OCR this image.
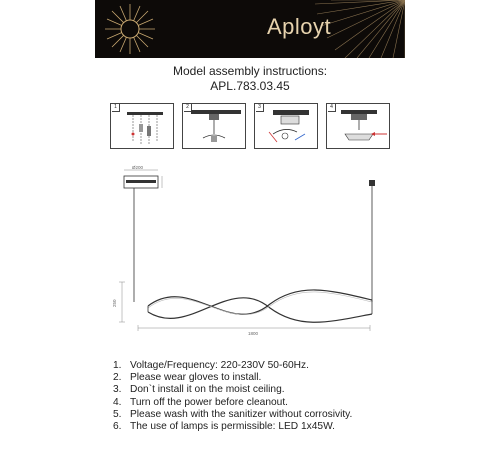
Aployt
Model assembly instructions:
APL.783.03.45
1	2	3	4
Ø200
250
1800
1. Voltage/Frequency: 220-230V 50-60Hz.
2. Please wear gloves to install.
3. Don`t install it on the moist ceiling.
4. Turn off the power before cleanout.
5. Please wash with the sanitizer without corrosivity.
6. The use of lamps is permissible: LED 1x45W.
